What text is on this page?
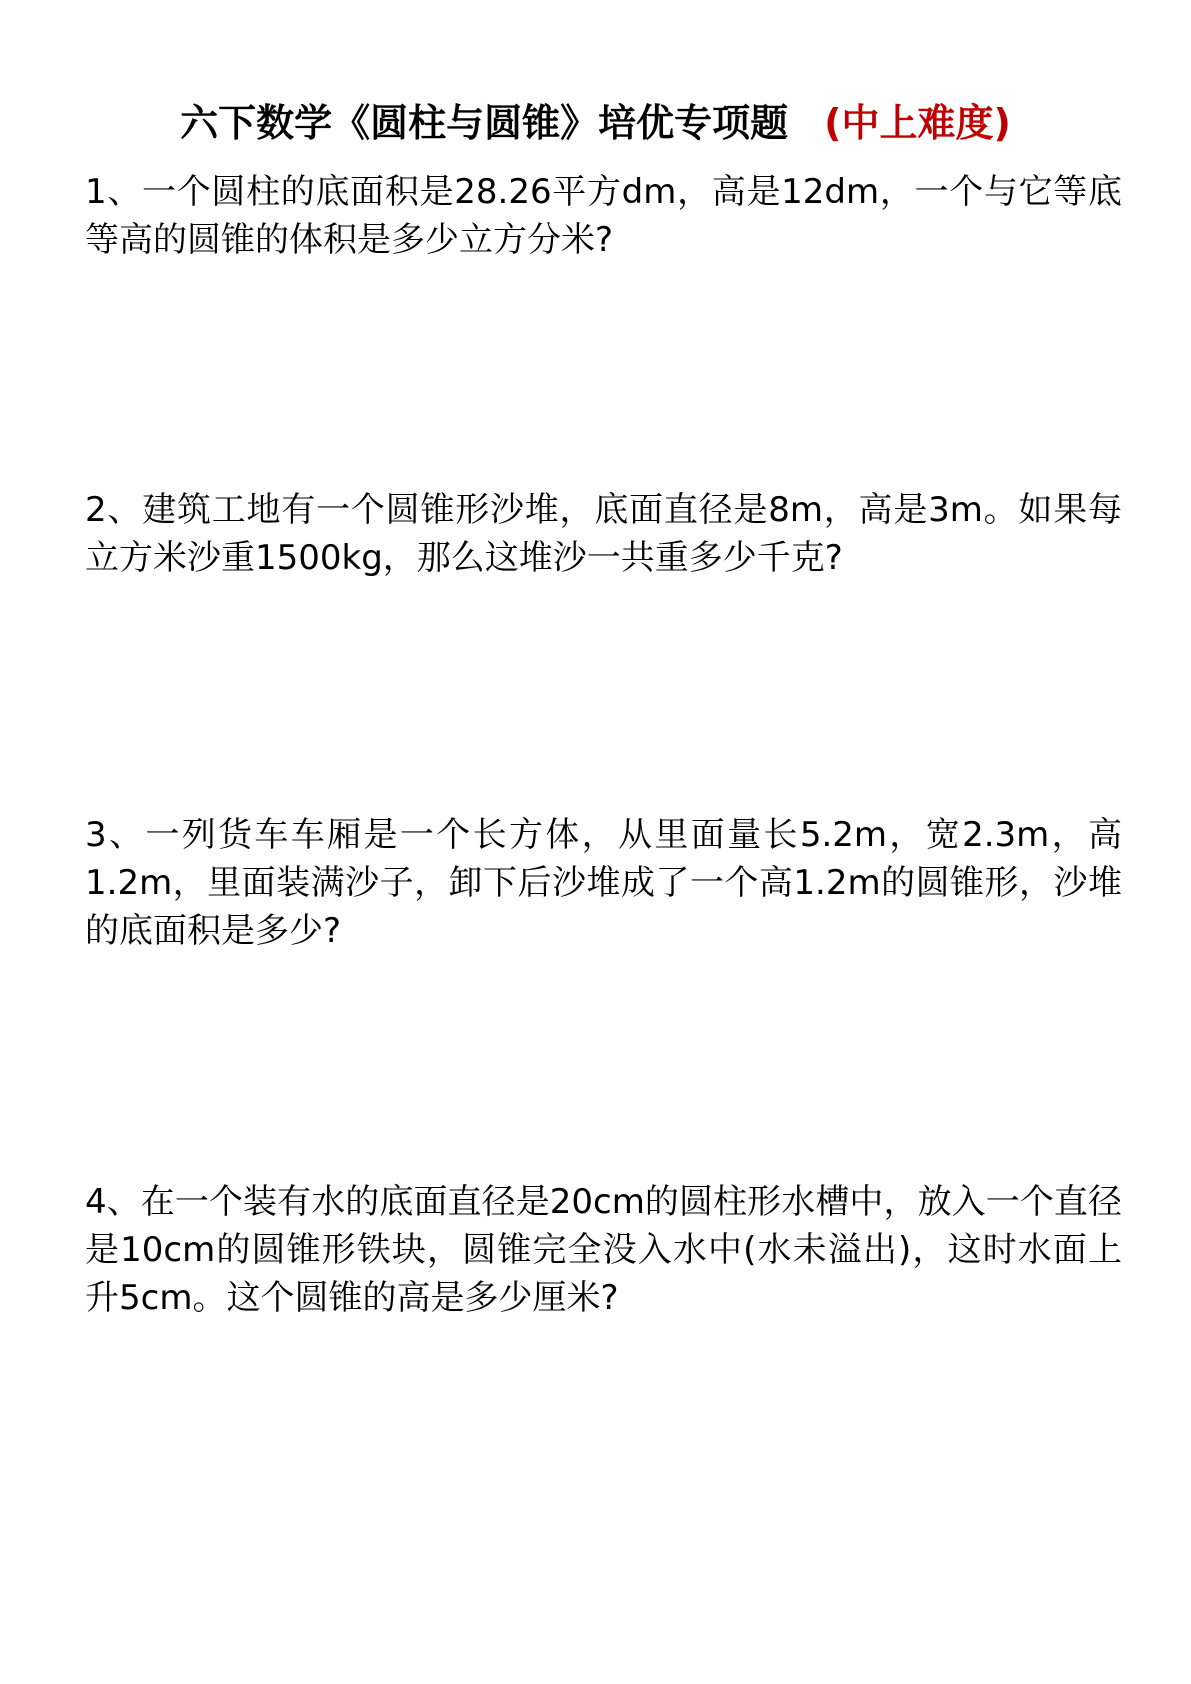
六下数学《圆柱与圆锥》培优专项题 (中上难度)
1、一个圆柱的底面积是28.26平方dm，高是12dm，一个与它等底等高的圆锥的体积是多少立方分米?
2、建筑工地有一个圆锥形沙堆，底面直径是8m，高是3m。如果每立方米沙重1500kg，那么这堆沙一共重多少千克?
3、一列货车车厢是一个长方体，从里面量长5.2m，宽2.3m，高1.2m，里面装满沙子，卸下后沙堆成了一个高1.2m的圆锥形，沙堆的底面积是多少?
4、在一个装有水的底面直径是20cm的圆柱形水槽中，放入一个直径是10cm的圆锥形铁块，圆锥完全没入水中(水未溢出)，这时水面上升5cm。这个圆锥的高是多少厘米?
